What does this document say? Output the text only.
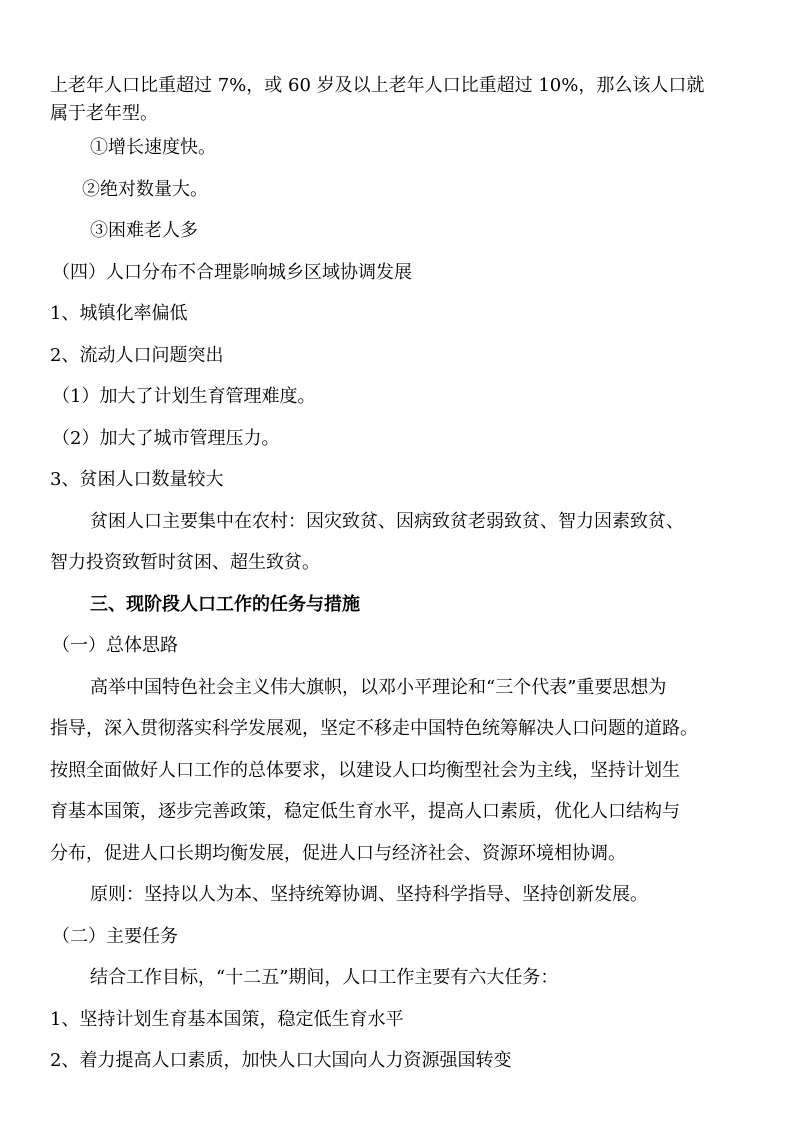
上老年人口比重超过 7%，或 60 岁及以上老年人口比重超过 10%，那么该人口就
属于老年型。
①增长速度快。
②绝对数量大。
③困难老人多
（四）人口分布不合理影响城乡区域协调发展
1、城镇化率偏低
2、流动人口问题突出
（1）加大了计划生育管理难度。
（2）加大了城市管理压力。
3、贫困人口数量较大
贫困人口主要集中在农村：因灾致贫、因病致贫老弱致贫、智力因素致贫、
智力投资致暂时贫困、超生致贫。
三、现阶段人口工作的任务与措施
（一）总体思路
高举中国特色社会主义伟大旗帜，以邓小平理论和“三个代表”重要思想为
指导，深入贯彻落实科学发展观，坚定不移走中国特色统筹解决人口问题的道路。
按照全面做好人口工作的总体要求，以建设人口均衡型社会为主线，坚持计划生
育基本国策，逐步完善政策，稳定低生育水平，提高人口素质，优化人口结构与
分布，促进人口长期均衡发展，促进人口与经济社会、资源环境相协调。
原则：坚持以人为本、坚持统筹协调、坚持科学指导、坚持创新发展。
（二）主要任务
结合工作目标，“十二五”期间，人口工作主要有六大任务：
1、坚持计划生育基本国策，稳定低生育水平
2、着力提高人口素质，加快人口大国向人力资源强国转变
